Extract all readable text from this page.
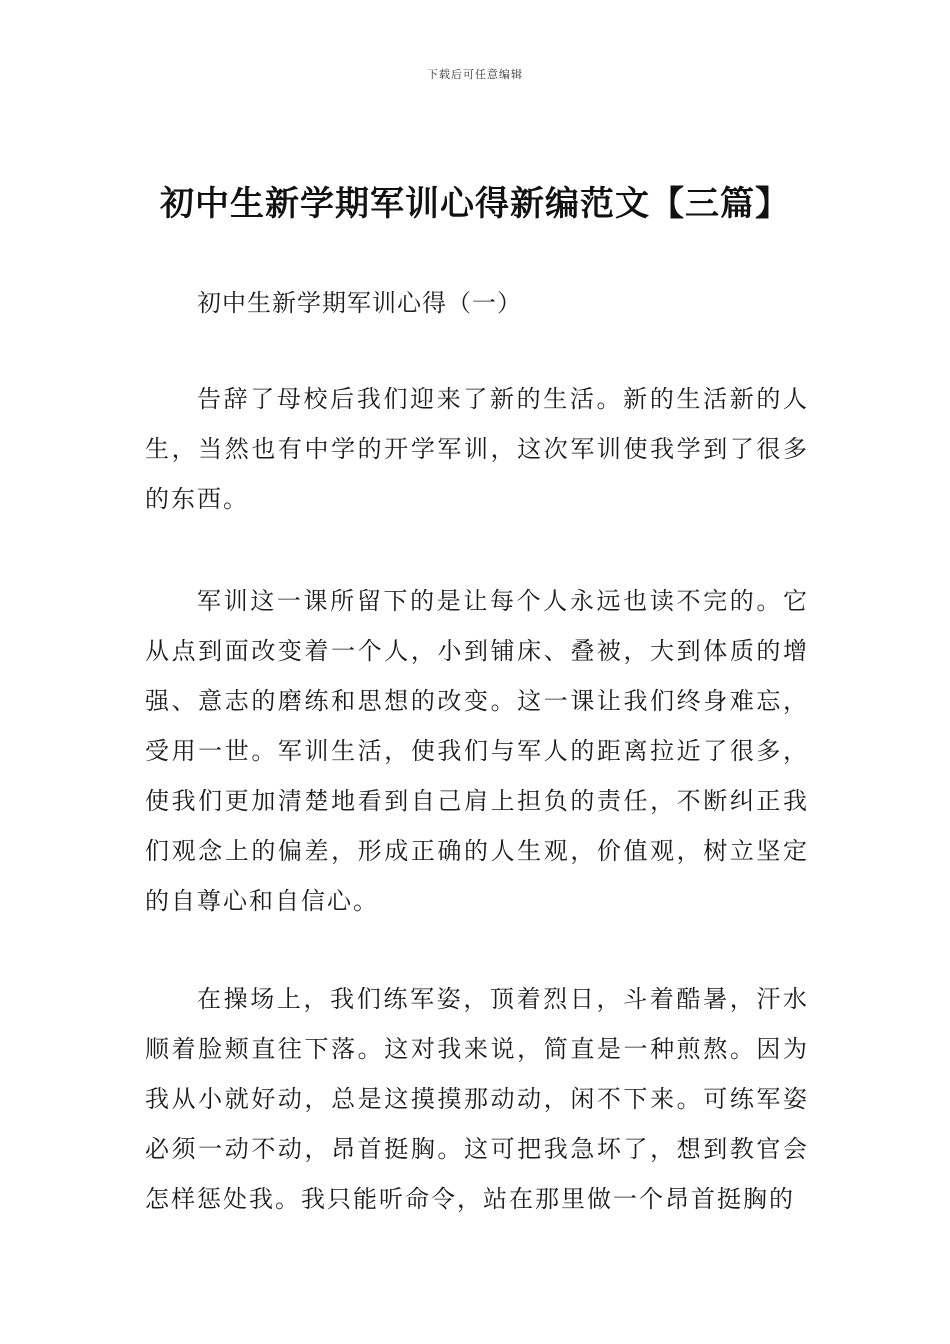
下载后可任意编辑
初中生新学期军训心得新编范文【三篇】
初中生新学期军训心得（一）

告辞了母校后我们迎来了新的生活。新的生活新的人生，当然也有中学的开学军训，这次军训使我学到了很多的东西。

军训这一课所留下的是让每个人永远也读不完的。它从点到面改变着一个人，小到铺床、叠被，大到体质的增强、意志的磨练和思想的改变。这一课让我们终身难忘，受用一世。军训生活，使我们与军人的距离拉近了很多，使我们更加清楚地看到自己肩上担负的责任，不断纠正我们观念上的偏差，形成正确的人生观，价值观，树立坚定的自尊心和自信心。

在操场上，我们练军姿，顶着烈日，斗着酷暑，汗水顺着脸颊直往下落。这对我来说，简直是一种煎熬。因为我从小就好动，总是这摸摸那动动，闲不下来。可练军姿必须一动不动，昂首挺胸。这可把我急坏了，想到教官会怎样惩处我。我只能听命令，站在那里做一个昂首挺胸的
